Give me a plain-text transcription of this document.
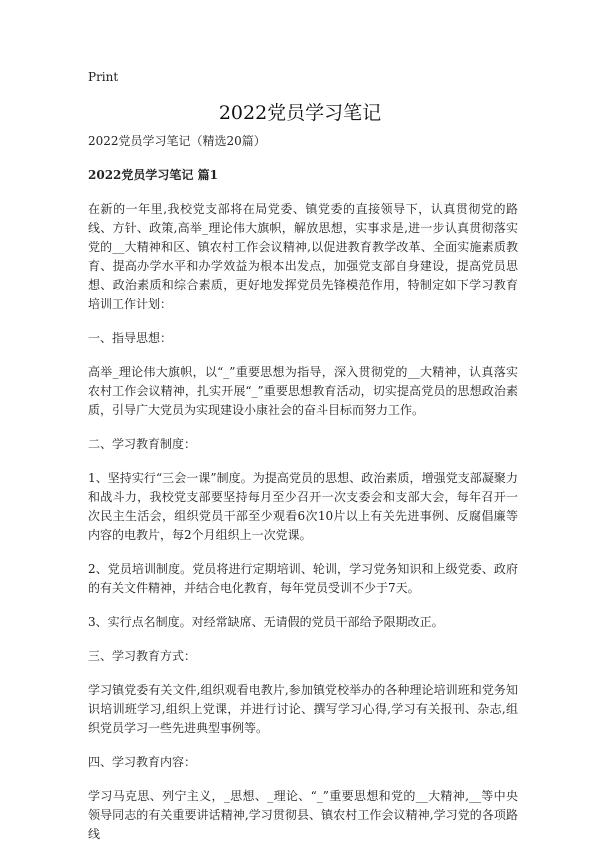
Print
2022党员学习笔记

2022党员学习笔记（精选20篇）

2022党员学习笔记 篇1

在新的一年里,我校党支部将在局党委、镇党委的直接领导下，认真贯彻党的路线、方针、政策,高举_理论伟大旗帜，解放思想，实事求是,进一步认真贯彻落实党的__大精神和区、镇农村工作会议精神,以促进教育教学改革、全面实施素质教育、提高办学水平和办学效益为根本出发点，加强党支部自身建设，提高党员思想、政治素质和综合素质，更好地发挥党员先锋模范作用，特制定如下学习教育培训工作计划：

一、指导思想：

高举_理论伟大旗帜，以“_”重要思想为指导，深入贯彻党的__大精神，认真落实农村工作会议精神，扎实开展“_”重要思想教育活动，切实提高党员的思想政治素质，引导广大党员为实现建设小康社会的奋斗目标而努力工作。

二、学习教育制度：

1、坚持实行“三会一课”制度。为提高党员的思想、政治素质，增强党支部凝聚力和战斗力，我校党支部要坚持每月至少召开一次支委会和支部大会，每年召开一次民主生活会，组织党员干部至少观看6次10片以上有关先进事例、反腐倡廉等内容的电教片，每2个月组织上一次党课。

2、党员培训制度。党员将进行定期培训、轮训，学习党务知识和上级党委、政府的有关文件精神，并结合电化教育，每年党员受训不少于7天。

3、实行点名制度。对经常缺席、无请假的党员干部给予限期改正。

三、学习教育方式：

学习镇党委有关文件,组织观看电教片,参加镇党校举办的各种理论培训班和党务知识培训班学习,组织上党课，并进行讨论、撰写学习心得,学习有关报刊、杂志,组织党员学习一些先进典型事例等。

四、学习教育内容：

学习马克思、列宁主义，_思想、_理论、“_”重要思想和党的__大精神,__等中央领导同志的有关重要讲话精神,学习贯彻县、镇农村工作会议精神,学习党的各项路线
